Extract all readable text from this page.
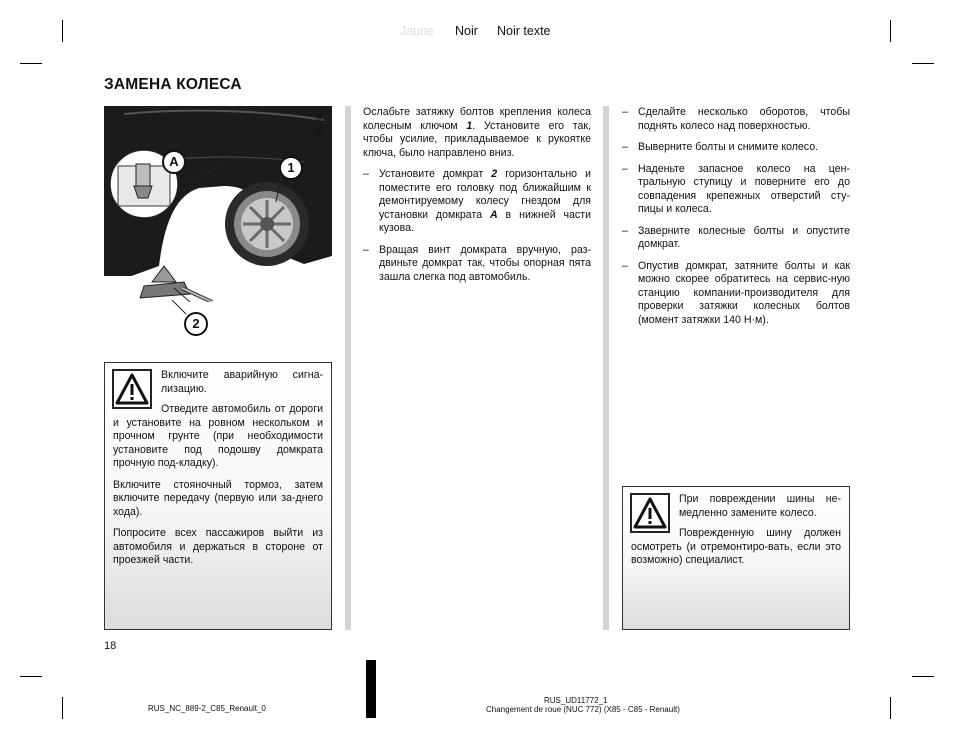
Jaune Noir Noir texte
ЗАМЕНА КОЛЕСА
A	1
2
26706

Включите аварийную сигна-лизацию.

Отведите автомобиль от дороги и установите на ровном нескольком и прочном грунте (при необходимости установите под подошву домкрата прочную под-кладку).

Включите стояночный тормоз, затем включите передачу (первую или за-днего хода).

Попросите всех пассажиров выйти из автомобиля и держаться в стороне от проезжей части.

Ослабьте затяжку болтов крепления колеса колесным ключом 1. Установите его так, чтобы усилие, прикладываемое к рукоятке ключа, было направлено вниз.

– Установите домкрат 2 горизонтально и поместите его головку под ближайшим к демонтируемому колесу гнездом для установки домкрата A в нижней части кузова.

– Вращая винт домкрата вручную, раз-двиньте домкрат так, чтобы опорная пята зашла слегка под автомобиль.

– Сделайте несколько оборотов, чтобы поднять колесо над поверхностью.

– Выверните болты и снимите колесо.

– Наденьте запасное колесо на цен-тральную ступицу и поверните его до совпадения крепежных отверстий сту-пицы и колеса.

– Заверните колесные болты и опустите домкрат.

– Опустив домкрат, затяните болты и как можно скорее обратитесь на сервис-ную станцию компании-производителя для проверки затяжки колесных болтов (момент затяжки 140 Н·м).

При повреждении шины не-медленно замените колесо.

Поврежденную шину должен осмотреть (и отремонтиро-вать, если это возможно) специалист.

18
RUS_NC_889-2_C85_Renault_0
RUS_UD11772_1
Changement de roue (NUC 772) (X85 - C85 - Renault)
